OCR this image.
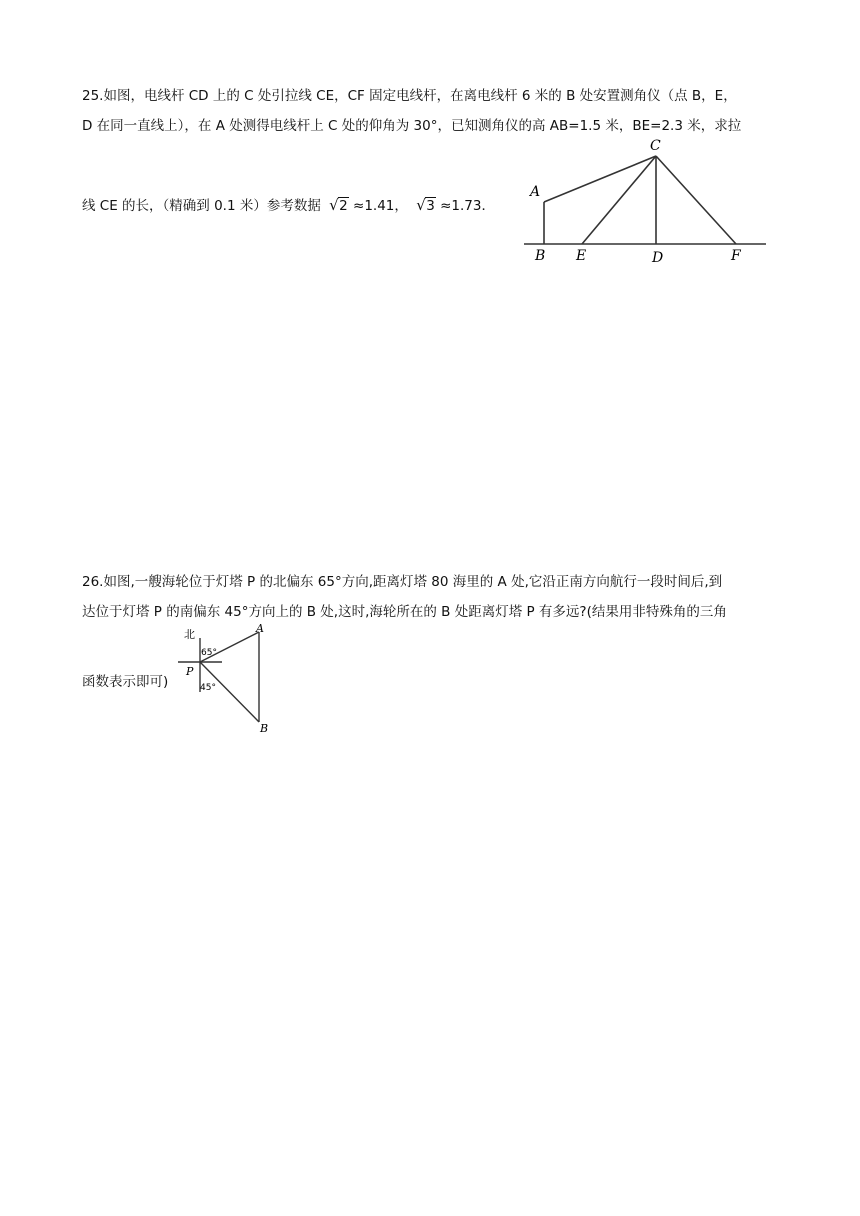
25.如图，电线杆 CD 上的 C 处引拉线 CE，CF 固定电线杆，在离电线杆 6 米的 B 处安置测角仪（点 B，E，
D 在同一直线上），在 A 处测得电线杆上 C 处的仰角为 30°，已知测角仪的高 AB=1.5 米，BE=2.3 米，求拉
线 CE 的长，（精确到 0.1 米）参考数据 √ 2 ≈1.41， √ 3 ≈1.73．
A
B
C
D
E	F
26.如图,一艘海轮位于灯塔 P 的北偏东 65°方向,距离灯塔 80 海里的 A 处,它沿正南方向航行一段时间后,到
达位于灯塔 P 的南偏东 45°方向上的 B 处,这时,海轮所在的 B 处距离灯塔 P 有多远?(结果用非特殊角的三角
函数表示即可)
北
65°
45°
P
A
B
